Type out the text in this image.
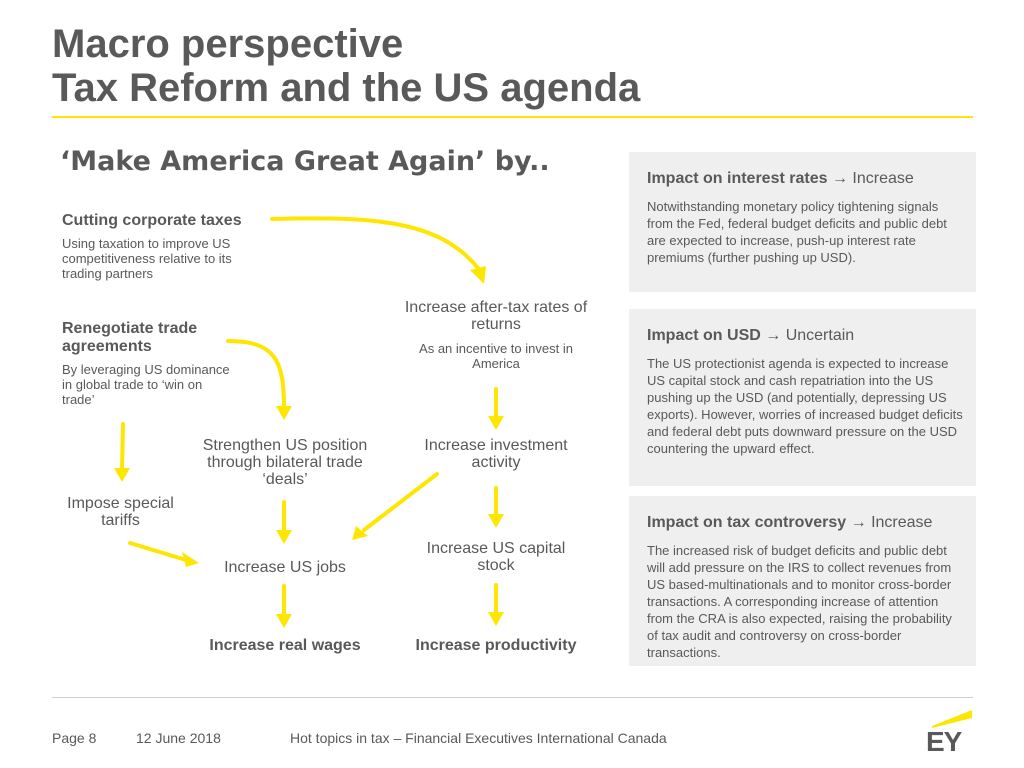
Macro perspective
Tax Reform and the US agenda
‘Make America Great Again’ by..
Cutting corporate taxes
Using taxation to improve US competitiveness relative to its trading partners
Renegotiate trade agreements
By leveraging US dominance in global trade to ‘win on trade’
Increase after-tax rates of returns
As an incentive to invest in America
Strengthen US position through bilateral trade ‘deals’
Increase investment activity
Impose special tariffs
Increase US capital stock
Increase US jobs
Increase real wages	Increase productivity
Impact on interest rates → Increase
Notwithstanding monetary policy tightening signals from the Fed, federal budget deficits and public debt are expected to increase, push-up interest rate premiums (further pushing up USD).
Impact on USD → Uncertain
The US protectionist agenda is expected to increase US capital stock and cash repatriation into the US pushing up the USD (and potentially, depressing US exports). However, worries of increased budget deficits and federal debt puts downward pressure on the USD countering the upward effect.
Impact on tax controversy → Increase
The increased risk of budget deficits and public debt will add pressure on the IRS to collect revenues from US based-multinationals and to monitor cross-border transactions. A corresponding increase of attention from the CRA is also expected, raising the probability of tax audit and controversy on cross-border transactions.
Page 8	12 June 2018	Hot topics in tax – Financial Executives International Canada	EY
